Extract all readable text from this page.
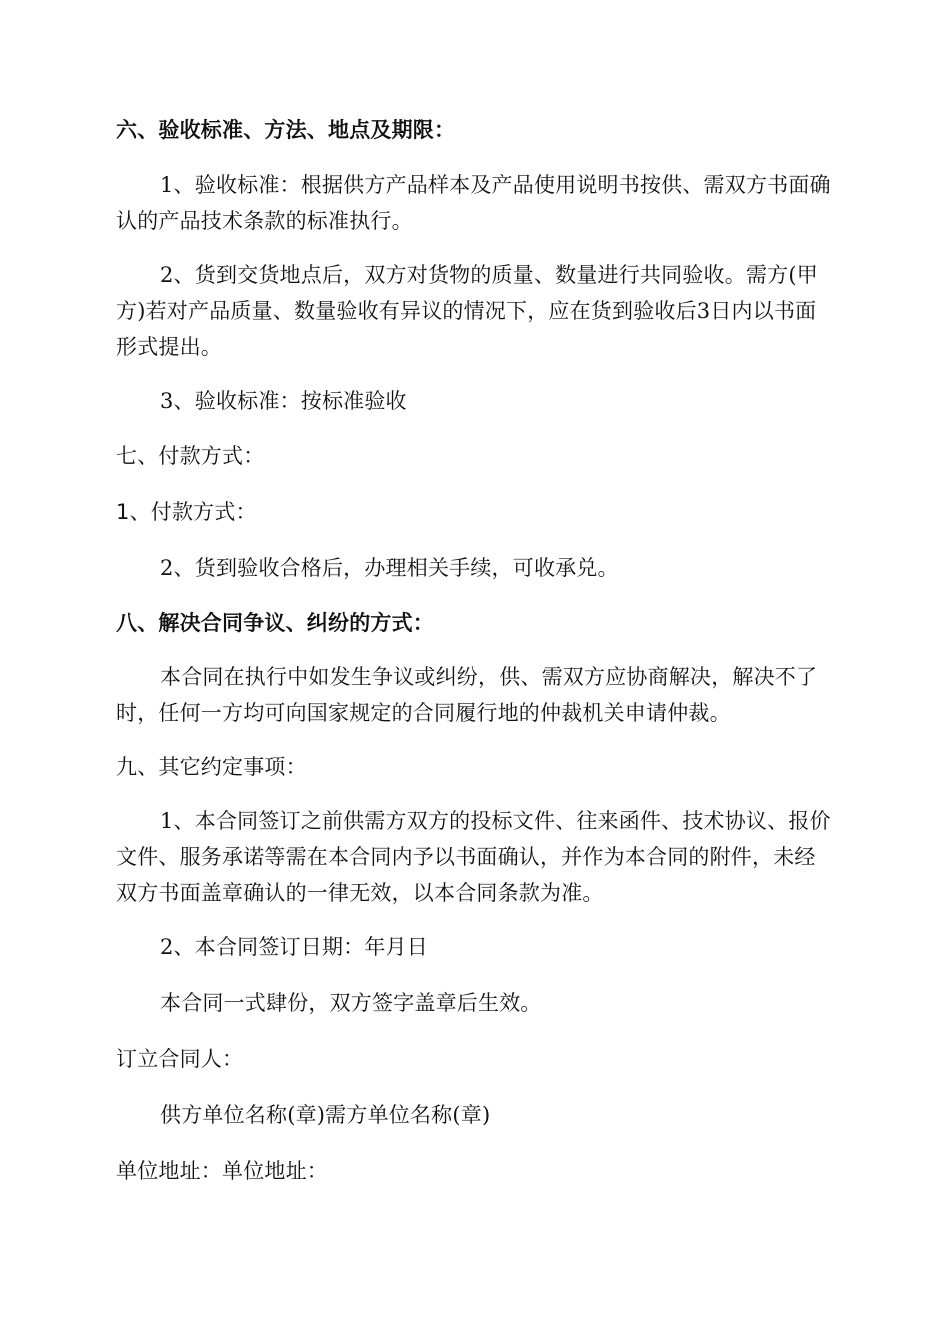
六、验收标准、方法、地点及期限：

1、验收标准：根据供方产品样本及产品使用说明书按供、需双方书面确认的产品技术条款的标准执行。

2、货到交货地点后，双方对货物的质量、数量进行共同验收。需方(甲方)若对产品质量、数量验收有异议的情况下，应在货到验收后3日内以书面形式提出。

3、验收标准：按标准验收

七、付款方式：

1、付款方式：

2、货到验收合格后，办理相关手续，可收承兑。

八、解决合同争议、纠纷的方式：

本合同在执行中如发生争议或纠纷，供、需双方应协商解决，解决不了时，任何一方均可向国家规定的合同履行地的仲裁机关申请仲裁。

九、其它约定事项：

1、本合同签订之前供需方双方的投标文件、往来函件、技术协议、报价文件、服务承诺等需在本合同内予以书面确认，并作为本合同的附件，未经双方书面盖章确认的一律无效，以本合同条款为准。

2、本合同签订日期：年月日

本合同一式肆份，双方签字盖章后生效。

订立合同人：

供方单位名称(章)需方单位名称(章)

单位地址：单位地址：
